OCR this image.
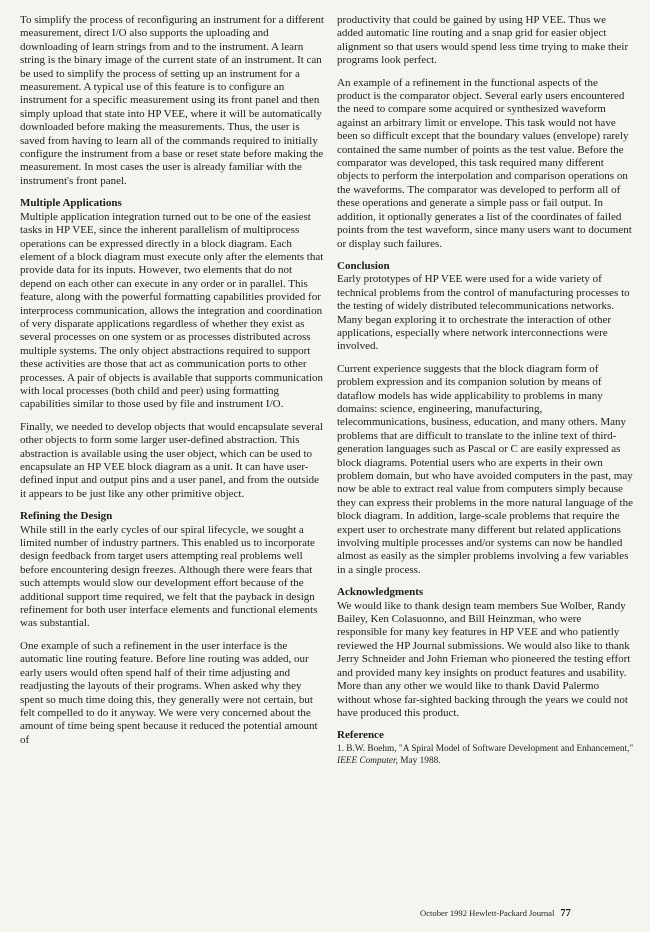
To simplify the process of reconfiguring an instrument for a different measurement, direct I/O also supports the uploading and downloading of learn strings from and to the instrument. A learn string is the binary image of the current state of an instrument. It can be used to simplify the process of setting up an instrument for a measurement. A typical use of this feature is to configure an instrument for a specific measurement using its front panel and then simply upload that state into HP VEE, where it will be automatically downloaded before making the measurements. Thus, the user is saved from having to learn all of the commands required to initially configure the instrument from a base or reset state before making the measurement. In most cases the user is already familiar with the instrument's front panel.

Multiple Applications

Multiple application integration turned out to be one of the easiest tasks in HP VEE, since the inherent parallelism of multiprocess operations can be expressed directly in a block diagram. Each element of a block diagram must execute only after the elements that provide data for its inputs. However, two elements that do not depend on each other can execute in any order or in parallel. This feature, along with the powerful formatting capabilities provided for interprocess communication, allows the integration and coordination of very disparate applications regardless of whether they exist as several processes on one system or as processes distributed across multiple systems. The only object abstractions required to support these activities are those that act as communication ports to other processes. A pair of objects is available that supports communication with local processes (both child and peer) using formatting capabilities similar to those used by file and instrument I/O.

Finally, we needed to develop objects that would encapsulate several other objects to form some larger user-defined abstraction. This abstraction is available using the user object, which can be used to encapsulate an HP VEE block diagram as a unit. It can have user-defined input and output pins and a user panel, and from the outside it appears to be just like any other primitive object.

Refining the Design

While still in the early cycles of our spiral lifecycle, we sought a limited number of industry partners. This enabled us to incorporate design feedback from target users attempting real problems well before encountering design freezes. Although there were fears that such attempts would slow our development effort because of the additional support time required, we felt that the payback in design refinement for both user interface elements and functional elements was substantial.

One example of such a refinement in the user interface is the automatic line routing feature. Before line routing was added, our early users would often spend half of their time adjusting and readjusting the layouts of their programs. When asked why they spent so much time doing this, they generally were not certain, but felt compelled to do it anyway. We were very concerned about the amount of time being spent because it reduced the potential amount of

productivity that could be gained by using HP VEE. Thus we added automatic line routing and a snap grid for easier object alignment so that users would spend less time trying to make their programs look perfect.

An example of a refinement in the functional aspects of the product is the comparator object. Several early users encountered the need to compare some acquired or synthesized waveform against an arbitrary limit or envelope. This task would not have been so difficult except that the boundary values (envelope) rarely contained the same number of points as the test value. Before the comparator was developed, this task required many different objects to perform the interpolation and comparison operations on the waveforms. The comparator was developed to perform all of these operations and generate a simple pass or fail output. In addition, it optionally generates a list of the coordinates of failed points from the test waveform, since many users want to document or display such failures.

Conclusion

Early prototypes of HP VEE were used for a wide variety of technical problems from the control of manufacturing processes to the testing of widely distributed telecommunications networks. Many began exploring it to orchestrate the interaction of other applications, especially where network interconnections were involved.

Current experience suggests that the block diagram form of problem expression and its companion solution by means of dataflow models has wide applicability to problems in many domains: science, engineering, manufacturing, telecommunications, business, education, and many others. Many problems that are difficult to translate to the inline text of third-generation languages such as Pascal or C are easily expressed as block diagrams. Potential users who are experts in their own problem domain, but who have avoided computers in the past, may now be able to extract real value from computers simply because they can express their problems in the more natural language of the block diagram. In addition, large-scale problems that require the expert user to orchestrate many different but related applications involving multiple processes and/or systems can now be handled almost as easily as the simpler problems involving a few variables in a single process.

Acknowledgments

We would like to thank design team members Sue Wolber, Randy Bailey, Ken Colasuonno, and Bill Heinzman, who were responsible for many key features in HP VEE and who patiently reviewed the HP Journal submissions. We would also like to thank Jerry Schneider and John Frieman who pioneered the testing effort and provided many key insights on product features and usability. More than any other we would like to thank David Palermo without whose far-sighted backing through the years we could not have produced this product.

Reference

1. B.W. Boehm, "A Spiral Model of Software Development and Enhancement," IEEE Computer, May 1988.

October 1992 Hewlett-Packard Journal 77
